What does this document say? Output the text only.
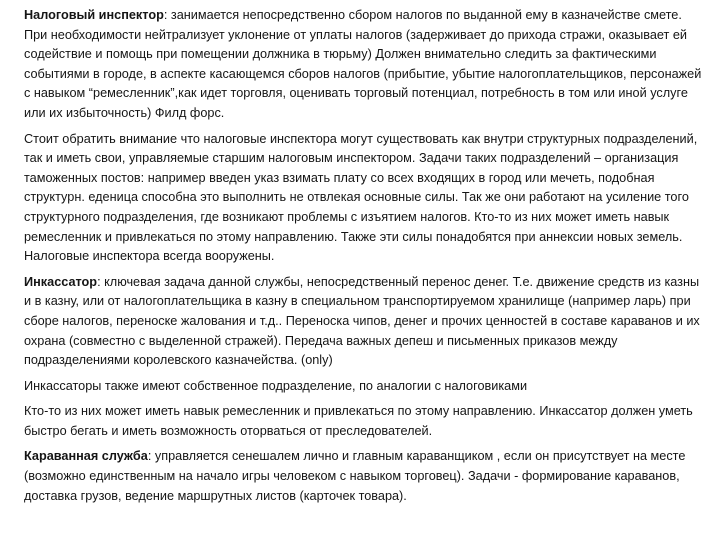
Налоговый инспектор: занимается непосредственно сбором налогов по выданной ему в казначействе смете. При необходимости нейтрализует уклонение от уплаты налогов (задерживает до прихода стражи, оказывает ей содействие и помощь при помещении должника в тюрьму) Должен внимательно следить за фактическими событиями в городе, в аспекте касающемся сборов налогов (прибытие, убытие налогоплательщиков, персонажей с навыком “ремесленник”,как идет торговля, оценивать торговый потенциал, потребность в том или иной услуге или их избыточность) Филд форс.

Стоит обратить внимание что налоговые инспектора могут существовать как внутри структурных подразделений, так и иметь свои, управляемые старшим налоговым инспектором. Задачи таких подразделений – организация таможенных постов: например введен указ взимать плату со всех входящих в город или мечеть, подобная структурн. еденица способна это выполнить не отвлекая основные силы. Так же они работают на усиление того структурного подразделения, где возникают проблемы с изъятием налогов. Кто-то из них может иметь навык ремесленник и привлекаться по этому направлению. Также эти силы понадобятся при аннексии новых земель. Налоговые инспектора всегда вооружены.

Инкассатор: ключевая задача данной службы, непосредственный перенос денег. Т.е. движение средств из казны и в казну, или от налогоплательщика в казну в специальном транспортируемом хранилище (например ларь) при сборе налогов, переноске жалования и т.д.. Переноска чипов, денег и прочих ценностей в составе караванов и их охрана (совместно с выделенной стражей). Передача важных депеш и письменных приказов между подразделениями королевского казначейства. (only)

Инкассаторы также имеют собственное подразделение, по аналогии с налоговиками

Кто-то из них может иметь навык ремесленник и привлекаться по этому направлению. Инкассатор должен уметь быстро бегать и иметь возможность оторваться от преследователей.

Караванная служба: управляется сенешалем лично и главным караванщиком , если он присутствует на месте (возможно единственным на начало игры человеком с навыком торговец). Задачи - формирование караванов, доставка грузов, ведение маршрутных листов (карточек товара).
